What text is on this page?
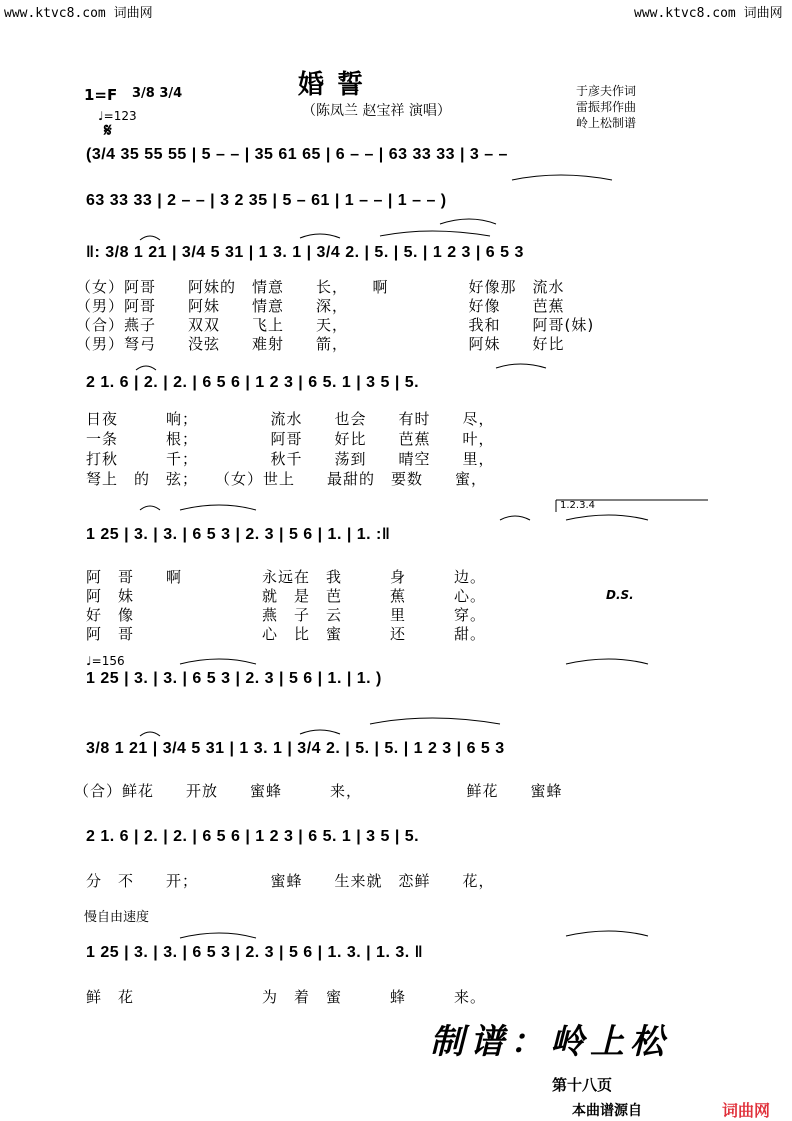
www.ktvc8.com 词曲网	www.ktvc8.com 词曲网
1=F 3/8 3/4
♩=123
𝄋
婚 誓
（陈凤兰 赵宝祥 演唱）
于彦夫作词
雷振邦作曲
岭上松制谱
(3/4 35 55 55 | 5 – – | 35 61 65 | 6 – – | 63 33 33 | 3 – –
63 33 33 | 2 – – | 3 2 35 | 5 – 61 | 1 – – | 1 – – )
‖: 3/8 1 21 | 3/4 5 31 | 1 3. 1 | 3/4 2. | 5. | 5. | 1 2 3 | 6 5 3
（女）阿哥　　阿妹的　情意　　长，　　啊　　　　　好像那　流水
（男）阿哥　　阿妹　　情意　　深，　　　　　　　　好像　　芭蕉
（合）燕子　　双双　　飞上　　天，　　　　　　　　我和　　阿哥(妹)
（男）弩弓　　没弦　　难射　　箭，　　　　　　　　阿妹　　好比
2 1. 6 | 2. | 2. | 6 5 6 | 1 2 3 | 6 5. 1 | 3 5 | 5.
日夜　　　响；　　　　　流水　　也会　　有时　　尽，
一条　　　根；　　　　　阿哥　　好比　　芭蕉　　叶，
打秋　　　千；　　　　　秋千　　荡到　　晴空　　里，
弩上　的　弦；　　（女）世上　　最甜的　要数　　蜜，
1.2.3.4
1 25 | 3. | 3. | 6 5 3 | 2. 3 | 5 6 | 1. | 1. :‖
阿　哥　　啊　　　　　永远在　我　　　身　　　边。
阿　妹　　　　　　　　就　是　芭　　　蕉　　　心。
好　像　　　　　　　　燕　子　云　　　里　　　穿。
阿　哥　　　　　　　　心　比　蜜　　　还　　　甜。
D.S.
♩=156
1 25 | 3. | 3. | 6 5 3 | 2. 3 | 5 6 | 1. | 1. )
3/8 1 21 | 3/4 5 31 | 1 3. 1 | 3/4 2. | 5. | 5. | 1 2 3 | 6 5 3
（合）鲜花　　开放　　蜜蜂　　　来，　　　　　　　鲜花　　蜜蜂
2 1. 6 | 2. | 2. | 6 5 6 | 1 2 3 | 6 5. 1 | 3 5 | 5.
分　不　　开；　　　　　蜜蜂　　生来就　恋鲜　　花，
慢自由速度
1 25 | 3. | 3. | 6 5 3 | 2. 3 | 5 6 | 1. 3. | 1. 3. ‖
鲜　花　　　　　　　　为　着　蜜　　　蜂　　　来。
制谱：岭上松
第十八页
本曲谱源自	词曲网
